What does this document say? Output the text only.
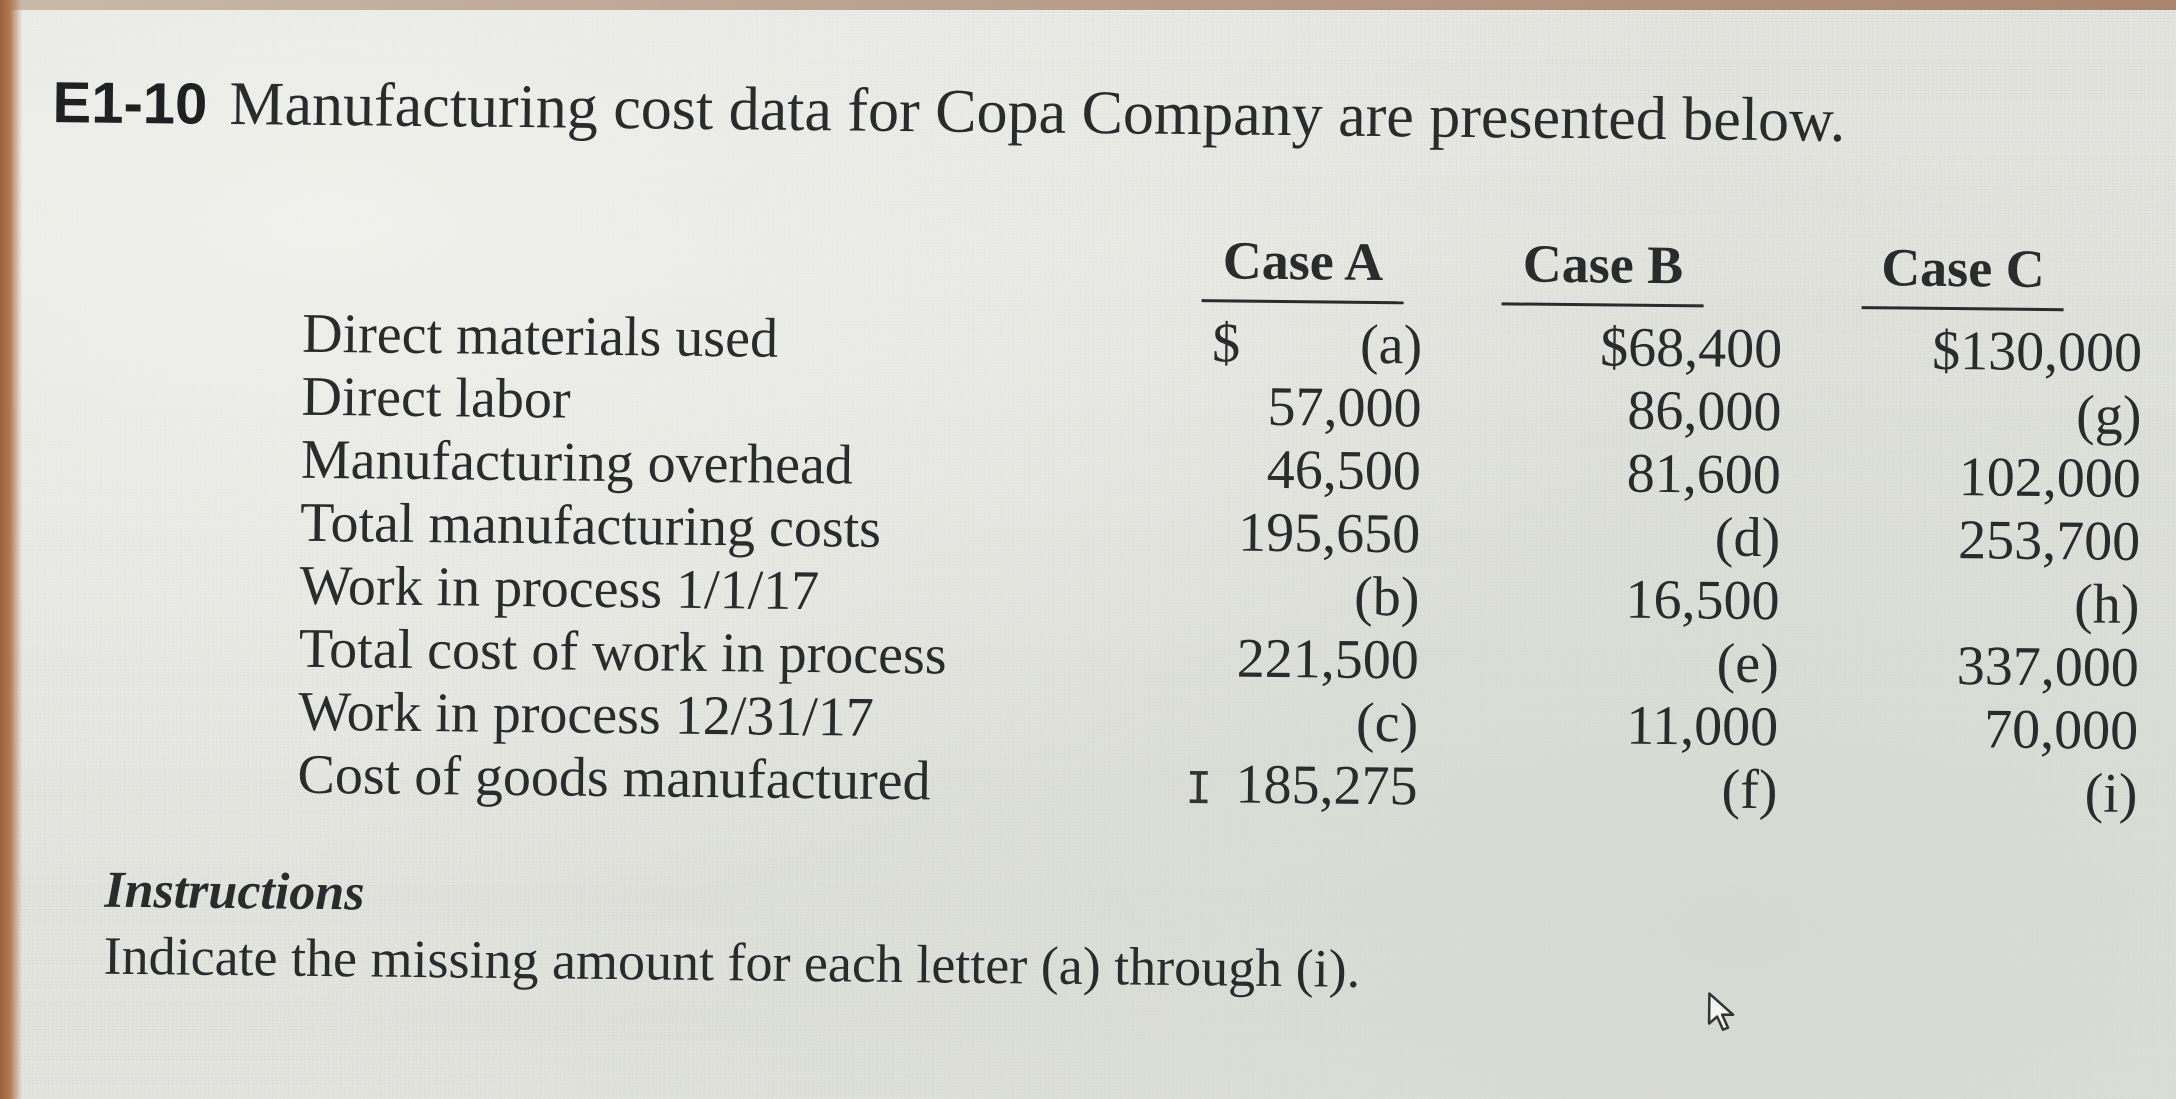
E1-10 Manufacturing cost data for Copa Company are presented below.
	Case A	Case B	Case C
Direct materials used	$ (a)	$68,400	$130,000
Direct labor	57,000	86,000	(g)
Manufacturing overhead	46,500	81,600	102,000
Total manufacturing costs	195,650	(d)	253,700
Work in process 1/1/17	(b)	16,500	(h)
Total cost of work in process	221,500	(e)	337,000
Work in process 12/31/17	(c)	11,000	70,000
Cost of goods manufactured	185,275	(f)	(i)
I
Instructions
Indicate the missing amount for each letter (a) through (i).
